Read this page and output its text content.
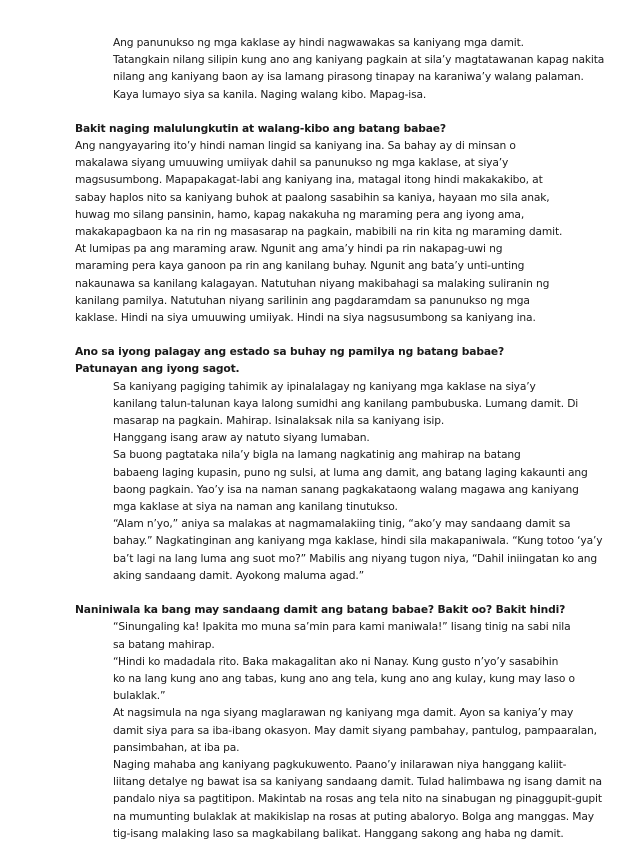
Ang panunukso ng mga kaklase ay hindi nagwawakas sa kaniyang mga damit.
Tatangkain nilang silipin kung ano ang kaniyang pagkain at sila’y magtatawanan kapag nakita
nilang ang kaniyang baon ay isa lamang pirasong tinapay na karaniwa’y walang palaman.
Kaya lumayo siya sa kanila. Naging walang kibo. Mapag-isa.

Bakit naging malulungkutin at walang-kibo ang batang babae?

Ang nangyayaring ito’y hindi naman lingid sa kaniyang ina. Sa bahay ay di minsan o
makalawa siyang umuuwing umiiyak dahil sa panunukso ng mga kaklase, at siya’y
magsusumbong. Mapapakagat-labi ang kaniyang ina, matagal itong hindi makakakibo, at
sabay haplos nito sa kaniyang buhok at paalong sasabihin sa kaniya, hayaan mo sila anak,
huwag mo silang pansinin, hamo, kapag nakakuha ng maraming pera ang iyong ama,
makakapagbaon ka na rin ng masasarap na pagkain, mabibili na rin kita ng maraming damit.
At lumipas pa ang maraming araw. Ngunit ang ama’y hindi pa rin nakapag-uwi ng
maraming pera kaya ganoon pa rin ang kanilang buhay. Ngunit ang bata’y unti-unting
nakaunawa sa kanilang kalagayan. Natutuhan niyang makibahagi sa malaking suliranin ng
kanilang pamilya. Natutuhan niyang sarilinin ang pagdaramdam sa panunukso ng mga
kaklase. Hindi na siya umuuwing umiiyak. Hindi na siya nagsusumbong sa kaniyang ina.

Ano sa iyong palagay ang estado sa buhay ng pamilya ng batang babae?
Patunayan ang iyong sagot.

Sa kaniyang pagiging tahimik ay ipinalalagay ng kaniyang mga kaklase na siya’y
kanilang talun-talunan kaya lalong sumidhi ang kanilang pambubuska. Lumang damit. Di
masarap na pagkain. Mahirap. Isinalaksak nila sa kaniyang isip.

Hanggang isang araw ay natuto siyang lumaban.

Sa buong pagtataka nila’y bigla na lamang nagkatinig ang mahirap na batang
babaeng laging kupasin, puno ng sulsi, at luma ang damit, ang batang laging kakaunti ang
baong pagkain. Yao’y isa na naman sanang pagkakataong walang magawa ang kaniyang
mga kaklase at siya na naman ang kanilang tinutukso.

“Alam n’yo,” aniya sa malakas at nagmamalakiing tinig, “ako’y may sandaang damit sa
bahay.” Nagkatinginan ang kaniyang mga kaklase, hindi sila makapaniwala. “Kung totoo ‘ya’y
ba’t lagi na lang luma ang suot mo?” Mabilis ang niyang tugon niya, “Dahil iniingatan ko ang
aking sandaang damit. Ayokong maluma agad.”

Naniniwala ka bang may sandaang damit ang batang babae? Bakit oo? Bakit hindi?

“Sinungaling ka! Ipakita mo muna sa’min para kami maniwala!” Iisang tinig na sabi nila
sa batang mahirap.

“Hindi ko madadala rito. Baka makagalitan ako ni Nanay. Kung gusto n’yo’y sasabihin
ko na lang kung ano ang tabas, kung ano ang tela, kung ano ang kulay, kung may laso o
bulaklak.”

At nagsimula na nga siyang maglarawan ng kaniyang mga damit. Ayon sa kaniya’y may
damit siya para sa iba-ibang okasyon. May damit siyang pambahay, pantulog, pampaaralan,
pansimbahan, at iba pa.

Naging mahaba ang kaniyang pagkukuwento. Paano’y inilarawan niya hanggang kaliit-
liitang detalye ng bawat isa sa kaniyang sandaang damit. Tulad halimbawa ng isang damit na
pandalo niya sa pagtitipon. Makintab na rosas ang tela nito na sinabugan ng pinaggupit-gupit
na mumunting bulaklak at makikislap na rosas at puting abaloryo. Bolga ang manggas. May
tig-isang malaking laso sa magkabilang balikat. Hanggang sakong ang haba ng damit.
